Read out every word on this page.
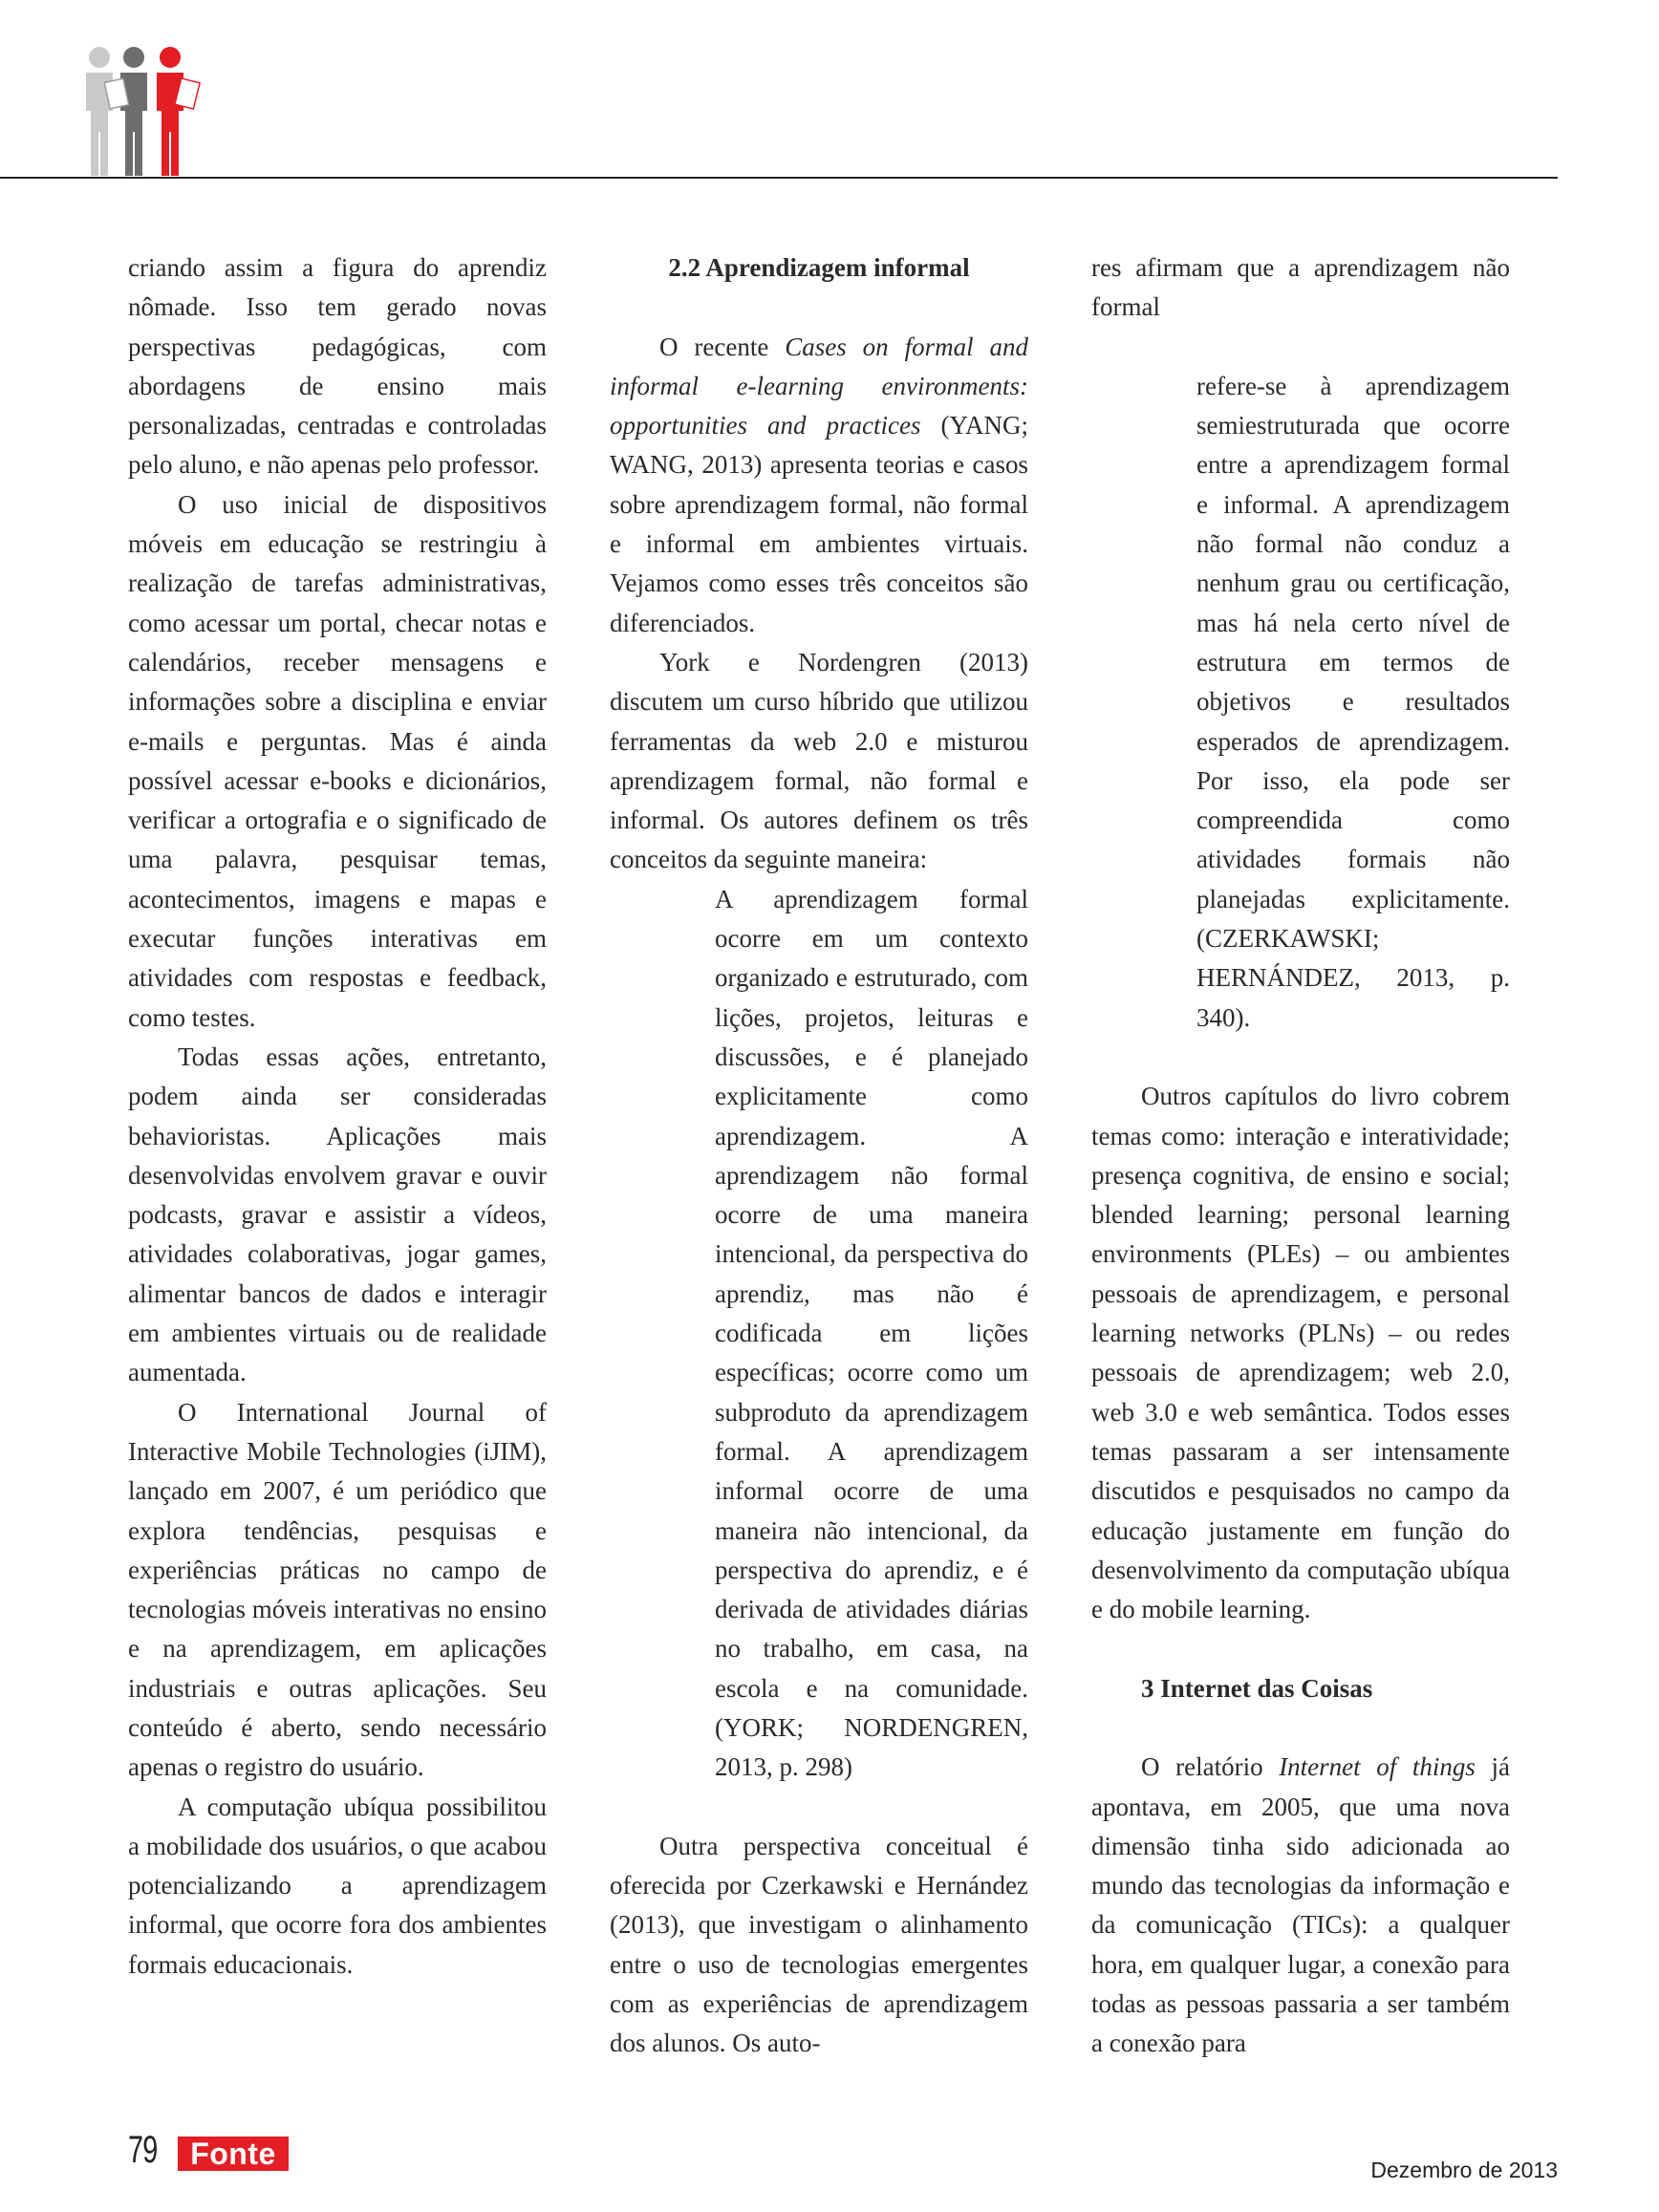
criando assim a figura do aprendiz nômade. Isso tem gerado novas perspectivas pedagógicas, com abordagens de ensino mais personalizadas, centradas e controladas pelo aluno, e não apenas pelo professor.

O uso inicial de dispositivos móveis em educação se restringiu à realização de tarefas administrativas, como acessar um portal, checar notas e calendários, receber mensagens e informações sobre a disciplina e enviar e-mails e perguntas. Mas é ainda possível acessar e-books e dicionários, verificar a ortografia e o significado de uma palavra, pesquisar temas, acontecimentos, imagens e mapas e executar funções interativas em atividades com respostas e feedback, como testes.

Todas essas ações, entretanto, podem ainda ser consideradas behavioristas. Aplicações mais desenvolvidas envolvem gravar e ouvir podcasts, gravar e assistir a vídeos, atividades colaborativas, jogar games, alimentar bancos de dados e interagir em ambientes virtuais ou de realidade aumentada.

O International Journal of Interactive Mobile Technologies (iJIM), lançado em 2007, é um periódico que explora tendências, pesquisas e experiências práticas no campo de tecnologias móveis interativas no ensino e na aprendizagem, em aplicações industriais e outras aplicações. Seu conteúdo é aberto, sendo necessário apenas o registro do usuário.

A computação ubíqua possibilitou a mobilidade dos usuários, o que acabou potencializando a aprendizagem informal, que ocorre fora dos ambientes formais educacionais.

2.2 Aprendizagem informal

O recente Cases on formal and informal e-learning environments: opportunities and practices (YANG; WANG, 2013) apresenta teorias e casos sobre aprendizagem formal, não formal e informal em ambientes virtuais. Vejamos como esses três conceitos são diferenciados.

York e Nordengren (2013) discutem um curso híbrido que utilizou ferramentas da web 2.0 e misturou aprendizagem formal, não formal e informal. Os autores definem os três conceitos da seguinte maneira:

A aprendizagem formal ocorre em um contexto organizado e estruturado, com lições, projetos, leituras e discussões, e é planejado explicitamente como aprendizagem. A aprendizagem não formal ocorre de uma maneira intencional, da perspectiva do aprendiz, mas não é codificada em lições específicas; ocorre como um subproduto da aprendizagem formal. A aprendizagem informal ocorre de uma maneira não intencional, da perspectiva do aprendiz, e é derivada de atividades diárias no trabalho, em casa, na escola e na comunidade. (YORK; NORDENGREN, 2013, p. 298)

Outra perspectiva conceitual é oferecida por Czerkawski e Hernández (2013), que investigam o alinhamento entre o uso de tecnologias emergentes com as experiências de aprendizagem dos alunos. Os auto-

res afirmam que a aprendizagem não formal

refere-se à aprendizagem semiestruturada que ocorre entre a aprendizagem formal e informal. A aprendizagem não formal não conduz a nenhum grau ou certificação, mas há nela certo nível de estrutura em termos de objetivos e resultados esperados de aprendizagem. Por isso, ela pode ser compreendida como atividades formais não planejadas explicitamente. (CZERKAWSKI; HERNÁNDEZ, 2013, p. 340).

Outros capítulos do livro cobrem temas como: interação e interatividade; presença cognitiva, de ensino e social; blended learning; personal learning environments (PLEs) – ou ambientes pessoais de aprendizagem, e personal learning networks (PLNs) – ou redes pessoais de aprendizagem; web 2.0, web 3.0 e web semântica. Todos esses temas passaram a ser intensamente discutidos e pesquisados no campo da educação justamente em função do desenvolvimento da computação ubíqua e do mobile learning.

3 Internet das Coisas

O relatório Internet of things já apontava, em 2005, que uma nova dimensão tinha sido adicionada ao mundo das tecnologias da informação e da comunicação (TICs): a qualquer hora, em qualquer lugar, a conexão para todas as pessoas passaria a ser também a conexão para

79	Fonte	Dezembro de 2013
